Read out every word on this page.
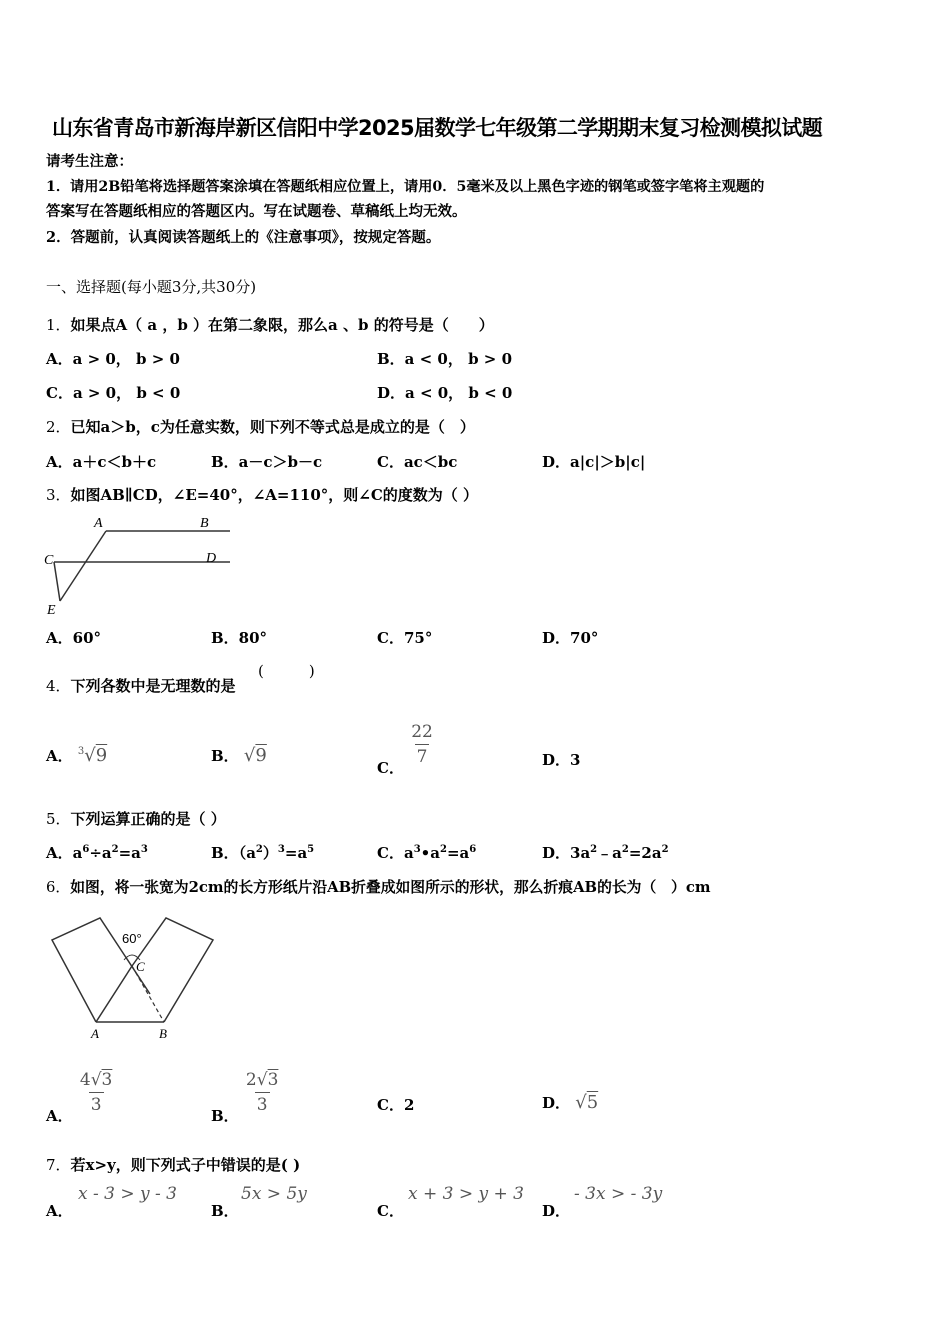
山东省青岛市新海岸新区信阳中学2025届数学七年级第二学期期末复习检测模拟试题
请考生注意：
1．请用2B铅笔将选择题答案涂填在答题纸相应位置上，请用0．5毫米及以上黑色字迹的钢笔或签字笔将主观题的
答案写在答题纸相应的答题区内。写在试题卷、草稿纸上均无效。
2．答题前，认真阅读答题纸上的《注意事项》，按规定答题。
一、选择题(每小题3分,共30分)
1．如果点A（ a ，b ）在第二象限，那么a 、b 的符号是（　　）
A．a > 0， b > 0	B．a < 0， b > 0
C．a > 0， b < 0	D．a < 0， b < 0
2．已知a＞b，c为任意实数，则下列不等式总是成立的是（　）
A．a＋c＜b＋c	B．a－c＞b－c	C．ac＜bc	D．a|c|＞b|c|
3．如图AB∥CD，∠E=40°，∠A=110°，则∠C的度数为（ ）
A	B
C	D
E
A．60°	B．80°	C．75°	D．70°
4．下列各数中是无理数的是
(　　　)
A． $^3$√9	B． √9
C．
$\frac{22}{7}$	D．3
5．下列运算正确的是（ ）
A．$a^6\div a^2=a^3$	B．$(a^2)^3=a^5$	C．$a^3•a^2=a^6$	D．$3a^2﹣a^2=2a^2$
6．如图，将一张宽为2cm的长方形纸片沿AB折叠成如图所示的形状，那么折痕AB的长为（　）cm
60°
C
A	B
A．
$\frac{4√3}{3}$
B．
$\frac{2√3}{3}$	C．2	D． √5
7．若x>y，则下列式子中错误的是( )
A．
x - 3 > y - 3
B．
5x > 5y
C．
x + 3 > y + 3
D．
- 3x > - 3y
